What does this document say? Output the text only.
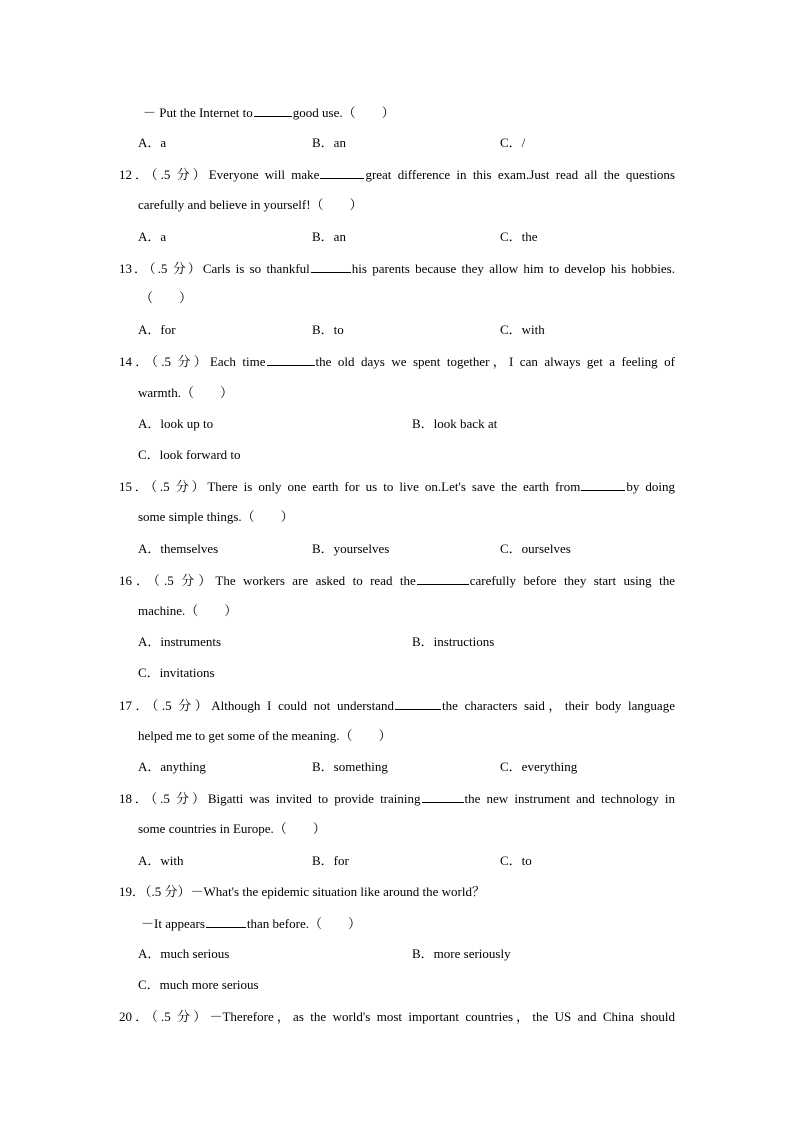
－ Put the Internet to	good use.（　　）
A．a	B．an	C．/
12．（.5 分）Everyone will make	great difference in this exam.Just read all the questions
carefully and believe in yourself!（　　）
A．a	B．an	C．the
13．（.5 分）Carls is so thankful	his parents because they allow him to develop his hobbies.
（　　）
A．for	B．to	C．with
14．（.5 分）Each time	the old days we spent together，I can always get a feeling of
warmth.（　　）
A．look up to	B．look back at
C．look forward to
15．（.5 分）There is only one earth for us to live on.Let's save the earth from	by doing
some simple things.（　　）
A．themselves	B．yourselves	C．ourselves
16．（.5 分）The workers are asked to read the	carefully before they start using the
machine.（　　）
A．instruments	B．instructions
C．invitations
17．（.5 分）Although I could not understand	the characters said，their body language
helped me to get some of the meaning.（　　）
A．anything	B．something	C．everything
18．（.5 分）Bigatti was invited to provide training	the new instrument and technology in
some countries in Europe.（　　）
A．with	B．for	C．to
19．（.5 分）－What's the epidemic situation like around the world？
－It appears	than before.（　　）
A．much serious	B．more seriously
C．much more serious
20．（.5 分）－Therefore，as the world's most important countries，the US and China should
